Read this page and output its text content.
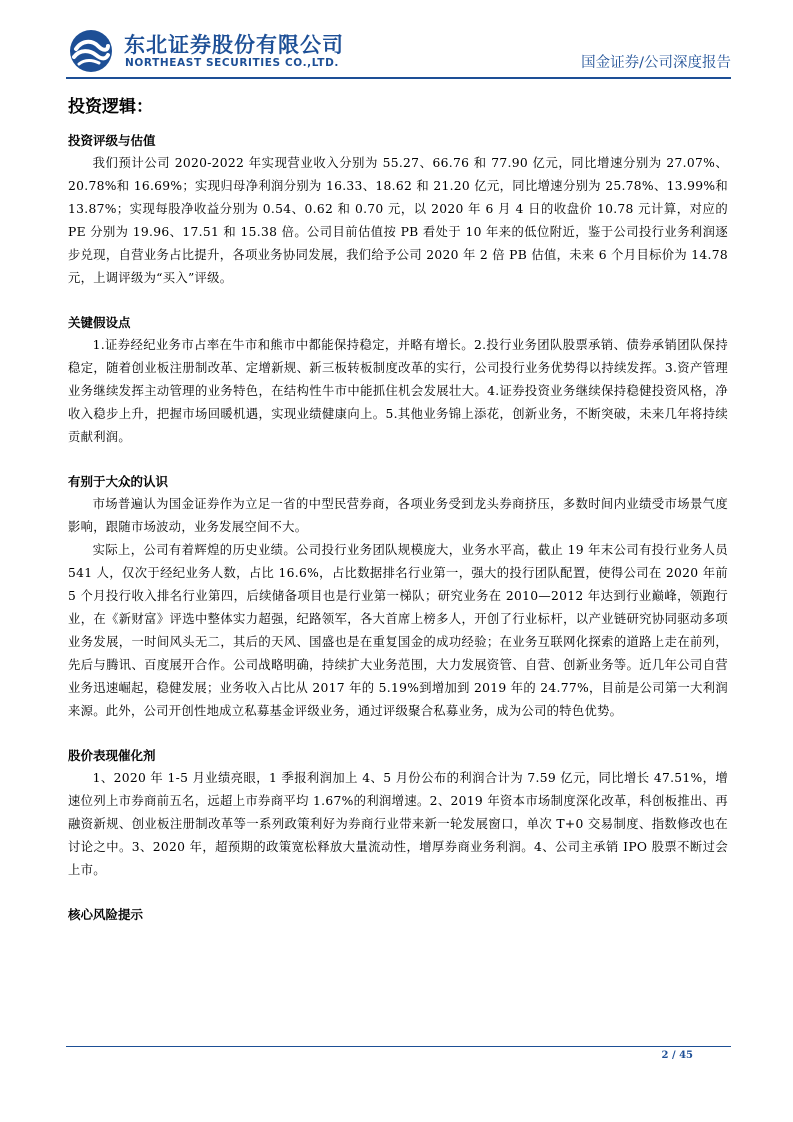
东北证券股份有限公司
NORTHEAST SECURITIES CO.,LTD.	国金证券/公司深度报告
投资逻辑：
投资评级与估值

我们预计公司 2020-2022 年实现营业收入分别为 55.27、66.76 和 77.90 亿元，同比增速分别为 27.07%、20.78%和 16.69%；实现归母净利润分别为 16.33、18.62 和 21.20 亿元，同比增速分别为 25.78%、13.99%和 13.87%；实现每股净收益分别为 0.54、0.62 和 0.70 元，以 2020 年 6 月 4 日的收盘价 10.78 元计算，对应的 PE 分别为 19.96、17.51 和 15.38 倍。公司目前估值按 PB 看处于 10 年来的低位附近，鉴于公司投行业务利润逐步兑现，自营业务占比提升，各项业务协同发展，我们给予公司 2020 年 2 倍 PB 估值，未来 6 个月目标价为 14.78 元，上调评级为“买入”评级。

关键假设点

1.证券经纪业务市占率在牛市和熊市中都能保持稳定，并略有增长。2.投行业务团队股票承销、债券承销团队保持稳定，随着创业板注册制改革、定增新规、新三板转板制度改革的实行，公司投行业务优势得以持续发挥。3.资产管理业务继续发挥主动管理的业务特色，在结构性牛市中能抓住机会发展壮大。4.证券投资业务继续保持稳健投资风格，净收入稳步上升，把握市场回暖机遇，实现业绩健康向上。5.其他业务锦上添花，创新业务，不断突破，未来几年将持续贡献利润。

有别于大众的认识

市场普遍认为国金证券作为立足一省的中型民营券商，各项业务受到龙头券商挤压，多数时间内业绩受市场景气度影响，跟随市场波动，业务发展空间不大。

实际上，公司有着辉煌的历史业绩。公司投行业务团队规模庞大，业务水平高，截止 19 年末公司有投行业务人员 541 人，仅次于经纪业务人数，占比 16.6%，占比数据排名行业第一，强大的投行团队配置，使得公司在 2020 年前 5 个月投行收入排名行业第四，后续储备项目也是行业第一梯队；研究业务在 2010—2012 年达到行业巅峰，领跑行业，在《新财富》评选中整体实力超强，纪路领军，各大首席上榜多人，开创了行业标杆，以产业链研究协同驱动多项业务发展，一时间风头无二，其后的天风、国盛也是在重复国金的成功经验；在业务互联网化探索的道路上走在前列，先后与腾讯、百度展开合作。公司战略明确，持续扩大业务范围，大力发展资管、自营、创新业务等。近几年公司自营业务迅速崛起，稳健发展；业务收入占比从 2017 年的 5.19%到增加到 2019 年的 24.77%，目前是公司第一大利润来源。此外，公司开创性地成立私募基金评级业务，通过评级聚合私募业务，成为公司的特色优势。

股价表现催化剂

1、2020 年 1-5 月业绩亮眼，1 季报利润加上 4、5 月份公布的利润合计为 7.59 亿元，同比增长 47.51%，增速位列上市券商前五名，远超上市券商平均 1.67%的利润增速。2、2019 年资本市场制度深化改革，科创板推出、再融资新规、创业板注册制改革等一系列政策利好为券商行业带来新一轮发展窗口，单次 T+0 交易制度、指数修改也在讨论之中。3、2020 年，超预期的政策宽松释放大量流动性，增厚券商业务利润。4、公司主承销 IPO 股票不断过会上市。

核心风险提示
2 / 45
